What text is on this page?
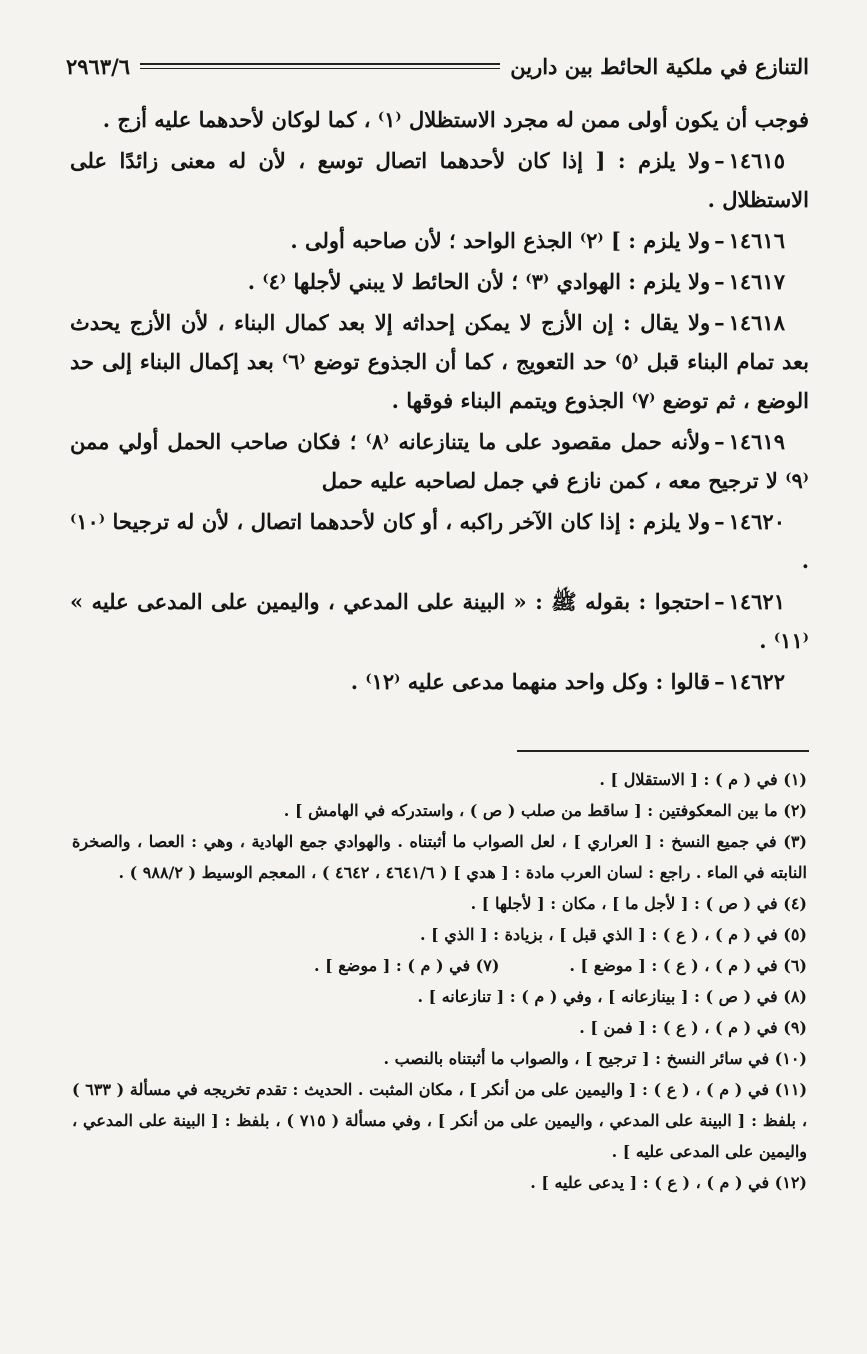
التنازع في ملكية الحائط بين دارين
٢٩٦٣/٦

فوجب أن يكون أولى ممن له مجرد الاستظلال ⁽١⁾ ، كما لوكان لأحدهما عليه أزج .

١٤٦١٥–ولا يلزم : [ إذا كان لأحدهما اتصال توسع ، لأن له معنى زائدًا على الاستظلال .

١٤٦١٦–ولا يلزم : ] ⁽٢⁾ الجذع الواحد ؛ لأن صاحبه أولى .

١٤٦١٧–ولا يلزم : الهوادي ⁽٣⁾ ؛ لأن الحائط لا يبني لأجلها ⁽٤⁾ .

١٤٦١٨–ولا يقال : إن الأزج لا يمكن إحداثه إلا بعد كمال البناء ، لأن الأزج يحدث بعد تمام البناء قبل ⁽٥⁾ حد التعويج ، كما أن الجذوع توضع ⁽٦⁾ بعد إكمال البناء إلى حد الوضع ، ثم توضع ⁽٧⁾ الجذوع ويتمم البناء فوقها .

١٤٦١٩–ولأنه حمل مقصود على ما يتنازعانه ⁽٨⁾ ؛ فكان صاحب الحمل أولي ممن ⁽٩⁾ لا ترجيح معه ، كمن نازع في جمل لصاحبه عليه حمل

١٤٦٢٠–ولا يلزم : إذا كان الآخر راكبه ، أو كان لأحدهما اتصال ، لأن له ترجيحا ⁽١٠⁾ .

١٤٦٢١–احتجوا : بقوله ﷺ : « البينة على المدعي ، واليمين على المدعى عليه » ⁽١١⁾ .

١٤٦٢٢–قالوا : وكل واحد منهما مدعى عليه ⁽١٢⁾ .

(١) في ( م ) : [ الاستقلال ] .

(٢) ما بين المعكوفتين : [ ساقط من صلب ( ص ) ، واستدركه في الهامش ] .

(٣) في جميع النسخ : [ العراري ] ، لعل الصواب ما أثبتناه . والهوادي جمع الهادية ، وهي : العصا ، والصخرة النابته في الماء . راجع : لسان العرب مادة : [ هدي ] ( ٤٦٤١/٦ ، ٤٦٤٢ ) ، المعجم الوسيط ( ٩٨٨/٢ ) .

(٤) في ( ص ) : [ لأجل ما ] ، مكان : [ لأجلها ] .

(٥) في ( م ) ، ( ع ) : [ الذي قبل ] ، بزيادة : [ الذي ] .

(٦) في ( م ) ، ( ع ) : [ موضع ] .

(٧) في ( م ) : [ موضع ] .

(٨) في ( ص ) : [ بينازعانه ] ، وفي ( م ) : [ تنازعانه ] .

(٩) في ( م ) ، ( ع ) : [ فمن ] .

(١٠) في سائر النسخ : [ ترجيح ] ، والصواب ما أثبتناه بالنصب .

(١١) في ( م ) ، ( ع ) : [ واليمين على من أنكر ] ، مكان المثبت . الحديث : تقدم تخريجه في مسألة ( ٦٣٣ ) ، بلفظ : [ البينة على المدعي ، واليمين على من أنكر ] ، وفي مسألة ( ٧١٥ ) ، بلفظ : [ البينة على المدعي ، واليمين على المدعى عليه ] .

(١٢) في ( م ) ، ( ع ) : [ يدعى عليه ] .
